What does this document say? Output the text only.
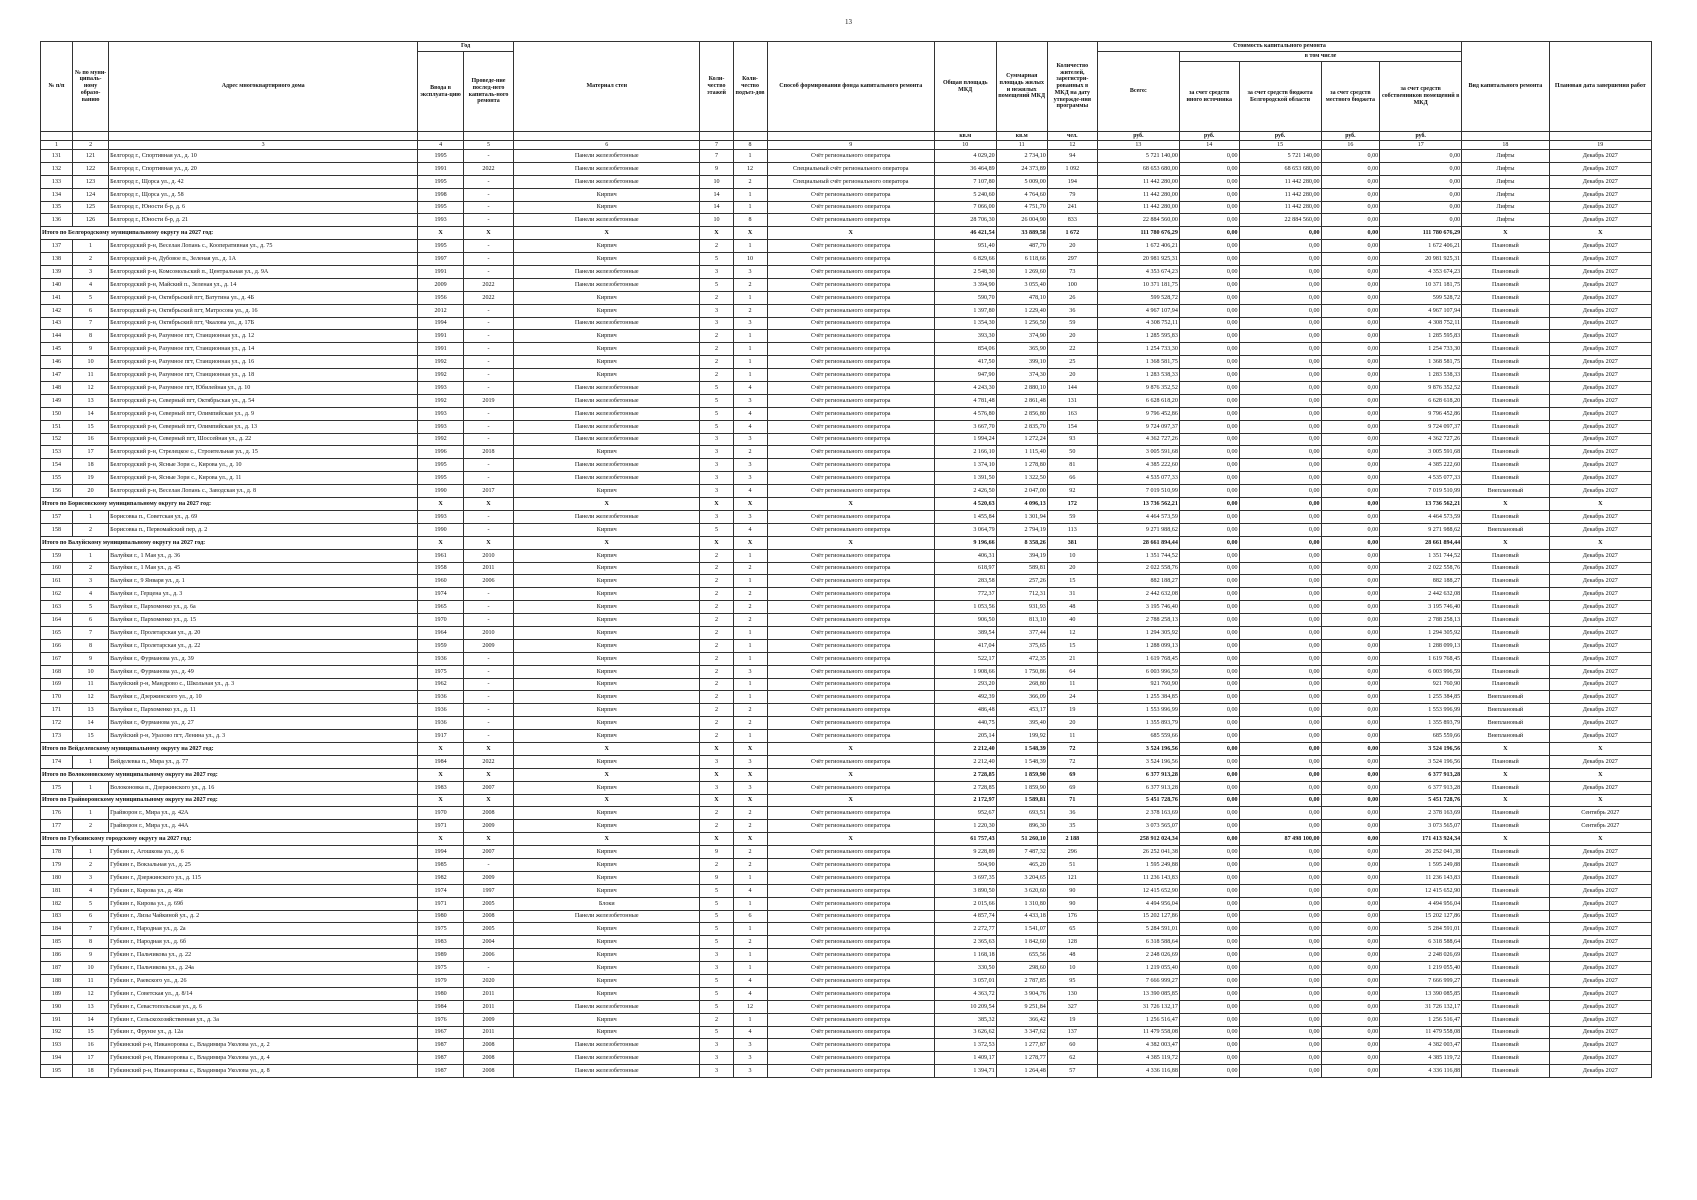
13
№ п/п	№ по муни-ципаль-ному образо-ванию	Адрес многоквартирного дома	Год		Материал стен	Коли-чество этажей	Коли-чество подъез-дов	Способ формирования фонда капитального ремонта	Общая площадь МКД	Суммарная площадь жилых и нежилых помещений МКД	Количество жителей, зарегистри-рованных в МКД на дату утвержде-ния программы	Стоимость капитального ремонта					Вид капитального ремонта	Плановая дата завершения работ
			Ввода в эксплуата-цию	Проведе-ние послед-него капиталь-ного ремонта								Всего:	в том числе					
													за счет средств иного источника	за счет средств бюджета Белгородской области	за счет средств местного бюджета	за счет средств собственников помещений в МКД		
									кв.м	кв.м	чел.	руб.	руб.	руб.	руб.	руб.		
1	2	3	4	5	6	7	8	9	10	11	12	13	14	15	16	17	18	19
131	121	Белгород г., Спортивная ул., д. 10	1995	-	Панели железобетонные	7	1	Счёт регионального оператора	4 029,20	2 734,10	94	5 721 140,00	0,00	5 721 140,00	0,00	0,00	Лифты	Декабрь 2027
132	122	Белгород г., Спортивная ул., д. 20	1991	2022	Панели железобетонные	9	12	Специальный счёт регионального оператора	36 464,89	24 373,89	1 092	68 653 680,00	0,00	68 653 680,00	0,00	0,00	Лифты	Декабрь 2027
133	123	Белгород г., Щорса ул., д. 42	1995	-	Панели железобетонные	10	2	Специальный счёт регионального оператора	7 107,80	5 009,00	194	11 442 280,00	0,00	11 442 280,00	0,00	0,00	Лифты	Декабрь 2027
134	124	Белгород г., Щорса ул., д. 58	1998	-	Кирпич	14	1	Счёт регионального оператора	5 240,60	4 764,60	79	11 442 280,00	0,00	11 442 280,00	0,00	0,00	Лифты	Декабрь 2027
135	125	Белгород г., Юности б-р, д. 6	1995	-	Кирпич	14	1	Счёт регионального оператора	7 066,00	4 751,70	241	11 442 280,00	0,00	11 442 280,00	0,00	0,00	Лифты	Декабрь 2027
136	126	Белгород г., Юности б-р, д. 21	1993	-	Панели железобетонные	10	8	Счёт регионального оператора	28 706,30	26 004,90	833	22 884 560,00	0,00	22 884 560,00	0,00	0,00	Лифты	Декабрь 2027
Итого по Белгородскому муниципальному округу на 2027 год:			X	X	X	X	X	X	46 421,54	33 889,58	1 672	111 780 676,29	0,00	0,00	0,00	111 780 676,29	X	X
137	1	Белгородский р-н, Веселая Лопань с., Кооперативная ул., д. 75	1995	-	Кирпич	2	1	Счёт регионального оператора	951,40	487,70	20	1 672 406,21	0,00	0,00	0,00	1 672 406,21	Плановый	Декабрь 2027
138	2	Белгородский р-н, Дубовое п., Зеленая ул., д. 1А	1997	-	Кирпич	5	10	Счёт регионального оператора	6 829,66	6 118,66	297	20 981 925,31	0,00	0,00	0,00	20 981 925,31	Плановый	Декабрь 2027
139	3	Белгородский р-н, Комсомольский п., Центральная ул., д. 9А	1991	-	Панели железобетонные	3	3	Счёт регионального оператора	2 548,30	1 269,60	73	4 353 674,23	0,00	0,00	0,00	4 353 674,23	Плановый	Декабрь 2027
140	4	Белгородский р-н, Майский п., Зеленая ул., д. 14	2009	2022	Панели железобетонные	5	2	Счёт регионального оператора	3 394,90	3 055,40	100	10 371 181,75	0,00	0,00	0,00	10 371 181,75	Плановый	Декабрь 2027
141	5	Белгородский р-н, Октябрьский пгт, Ватутина ул., д. 4Б	1956	2022	Кирпич	2	1	Счёт регионального оператора	590,70	478,10	26	599 528,72	0,00	0,00	0,00	599 528,72	Плановый	Декабрь 2027
142	6	Белгородский р-н, Октябрьский пгт, Матросова ул., д. 16	2012	-	Кирпич	3	2	Счёт регионального оператора	1 397,80	1 229,40	36	4 967 107,94	0,00	0,00	0,00	4 967 107,94	Плановый	Декабрь 2027
143	7	Белгородский р-н, Октябрьский пгт, Чкалова ул., д. 17Б	1994	-	Панели железобетонные	3	3	Счёт регионального оператора	1 354,30	1 256,50	59	4 308 752,11	0,00	0,00	0,00	4 308 752,11	Плановый	Декабрь 2027
144	8	Белгородский р-н, Разумное пгт, Станционная ул., д. 12	1991	-	Кирпич	2	1	Счёт регионального оператора	393,30	374,90	20	1 285 595,83	0,00	0,00	0,00	1 285 595,83	Плановый	Декабрь 2027
145	9	Белгородский р-н, Разумное пгт, Станционная ул., д. 14	1991	-	Кирпич	2	1	Счёт регионального оператора	854,06	365,90	22	1 254 733,30	0,00	0,00	0,00	1 254 733,30	Плановый	Декабрь 2027
146	10	Белгородский р-н, Разумное пгт, Станционная ул., д. 16	1992	-	Кирпич	2	1	Счёт регионального оператора	417,50	399,10	25	1 368 581,75	0,00	0,00	0,00	1 368 581,75	Плановый	Декабрь 2027
147	11	Белгородский р-н, Разумное пгт, Станционная ул., д. 18	1992	-	Кирпич	2	1	Счёт регионального оператора	947,90	374,30	20	1 283 538,33	0,00	0,00	0,00	1 283 538,33	Плановый	Декабрь 2027
148	12	Белгородский р-н, Разумное пгт, Юбилейная ул., д. 10	1993	-	Панели железобетонные	5	4	Счёт регионального оператора	4 243,30	2 880,10	144	9 876 352,52	0,00	0,00	0,00	9 876 352,52	Плановый	Декабрь 2027
149	13	Белгородский р-н, Северный пгт, Октябрьская ул., д. 54	1992	2019	Панели железобетонные	5	3	Счёт регионального оператора	4 781,48	2 861,48	131	6 628 618,20	0,00	0,00	0,00	6 628 618,20	Плановый	Декабрь 2027
150	14	Белгородский р-н, Северный пгт, Олимпийская ул., д. 9	1993	-	Панели железобетонные	5	4	Счёт регионального оператора	4 576,80	2 856,80	163	9 796 452,86	0,00	0,00	0,00	9 796 452,86	Плановый	Декабрь 2027
151	15	Белгородский р-н, Северный пгт, Олимпийская ул., д. 13	1993	-	Панели железобетонные	5	4	Счёт регионального оператора	3 667,70	2 835,70	154	9 724 097,37	0,00	0,00	0,00	9 724 097,37	Плановый	Декабрь 2027
152	16	Белгородский р-н, Северный пгт, Шоссейная ул., д. 22	1992	-	Панели железобетонные	3	3	Счёт регионального оператора	1 994,24	1 272,24	93	4 362 727,26	0,00	0,00	0,00	4 362 727,26	Плановый	Декабрь 2027
153	17	Белгородский р-н, Стрелецкое с., Строительная ул., д. 15	1996	2018	Кирпич	3	2	Счёт регионального оператора	2 166,10	1 115,40	50	3 005 591,68	0,00	0,00	0,00	3 005 591,68	Плановый	Декабрь 2027
154	18	Белгородский р-н, Ясные Зори с., Кирова ул., д. 10	1995	-	Панели железобетонные	3	3	Счёт регионального оператора	1 374,10	1 278,80	81	4 385 222,60	0,00	0,00	0,00	4 385 222,60	Плановый	Декабрь 2027
155	19	Белгородский р-н, Ясные Зори с., Кирова ул., д. 11	1995	-	Панели железобетонные	3	3	Счёт регионального оператора	1 391,50	1 322,50	66	4 535 077,33	0,00	0,00	0,00	4 535 077,33	Плановый	Декабрь 2027
156	20	Белгородский р-н, Веселая Лопань с., Заводская ул., д. 8	1990	2017	Кирпич	3	4	Счёт регионального оператора	2 426,50	2 047,00	92	7 019 510,99	0,00	0,00	0,00	7 019 510,99	Внеплановый	Декабрь 2027
Итого по Борисовскому муниципальному округу на 2027 год:			X	X	X	X	X	X	4 520,63	4 096,13	172	13 736 562,21	0,00	0,00	0,00	13 736 562,21	X	X
157	1	Борисовка п., Советская ул., д. 69	1993	-	Панели железобетонные	3	3	Счёт регионального оператора	1 455,84	1 301,94	59	4 464 573,59	0,00	0,00	0,00	4 464 573,59	Плановый	Декабрь 2027
158	2	Борисовка п., Первомайский пер, д. 2	1990	-	Кирпич	5	4	Счёт регионального оператора	3 064,79	2 794,19	113	9 271 988,62	0,00	0,00	0,00	9 271 988,62	Внеплановый	Декабрь 2027
Итого по Валуйскому муниципальному округу на 2027 год:			X	X	X	X	X	X	9 196,66	8 358,26	381	28 661 894,44	0,00	0,00	0,00	28 661 894,44	X	X
159	1	Валуйки г., 1 Мая ул., д. 36	1961	2010	Кирпич	2	1	Счёт регионального оператора	406,31	394,19	10	1 351 744,52	0,00	0,00	0,00	1 351 744,52	Плановый	Декабрь 2027
160	2	Валуйки г., 1 Мая ул., д. 45	1958	2011	Кирпич	2	2	Счёт регионального оператора	618,97	589,81	20	2 022 558,76	0,00	0,00	0,00	2 022 558,76	Плановый	Декабрь 2027
161	3	Валуйки г., 9 Января ул., д. 1	1960	2006	Кирпич	2	1	Счёт регионального оператора	283,58	257,26	15	882 188,27	0,00	0,00	0,00	882 188,27	Плановый	Декабрь 2027
162	4	Валуйки г., Герцена ул., д. 3	1974	-	Кирпич	2	2	Счёт регионального оператора	772,37	712,31	31	2 442 632,08	0,00	0,00	0,00	2 442 632,08	Плановый	Декабрь 2027
163	5	Валуйки г., Пархоменко ул., д. 6а	1965	-	Кирпич	2	2	Счёт регионального оператора	1 053,56	931,93	48	3 195 746,40	0,00	0,00	0,00	3 195 746,40	Плановый	Декабрь 2027
164	6	Валуйки г., Пархоменко ул., д. 15	1970	-	Кирпич	2	2	Счёт регионального оператора	906,50	813,10	40	2 788 258,13	0,00	0,00	0,00	2 788 258,13	Плановый	Декабрь 2027
165	7	Валуйки г., Пролетарская ул., д. 20	1964	2010	Кирпич	2	1	Счёт регионального оператора	389,54	377,44	12	1 294 305,92	0,00	0,00	0,00	1 294 305,92	Плановый	Декабрь 2027
166	8	Валуйки г., Пролетарская ул., д. 22	1959	2009	Кирпич	2	1	Счёт регионального оператора	417,04	375,65	15	1 288 099,13	0,00	0,00	0,00	1 288 099,13	Плановый	Декабрь 2027
167	9	Валуйки г., Фурманова ул., д. 39	1936	-	Кирпич	2	1	Счёт регионального оператора	522,17	472,35	21	1 619 768,45	0,00	0,00	0,00	1 619 768,45	Плановый	Декабрь 2027
168	10	Валуйки г., Фурманова ул., д. 49	1975	-	Кирпич	2	3	Счёт регионального оператора	1 908,66	1 750,86	64	6 003 996,59	0,00	0,00	0,00	6 003 996,59	Плановый	Декабрь 2027
169	11	Валуйский р-н, Мандрово с., Школьная ул., д. 3	1962	-	Кирпич	2	1	Счёт регионального оператора	293,20	268,80	11	921 760,90	0,00	0,00	0,00	921 760,90	Плановый	Декабрь 2027
170	12	Валуйки г., Дзержинского ул., д. 10	1936	-	Кирпич	2	1	Счёт регионального оператора	492,39	366,09	24	1 255 384,85	0,00	0,00	0,00	1 255 384,85	Внеплановый	Декабрь 2027
171	13	Валуйки г., Пархоменко ул., д. 11	1936	-	Кирпич	2	2	Счёт регионального оператора	486,48	453,17	19	1 553 996,99	0,00	0,00	0,00	1 553 996,99	Внеплановый	Декабрь 2027
172	14	Валуйки г., Фурманова ул., д. 27	1936	-	Кирпич	2	2	Счёт регионального оператора	440,75	395,40	20	1 355 893,79	0,00	0,00	0,00	1 355 893,79	Внеплановый	Декабрь 2027
173	15	Валуйский р-н, Уразово пгт, Ленина ул., д. 3	1917	-	Кирпич	2	1	Счёт регионального оператора	205,14	199,92	11	685 559,66	0,00	0,00	0,00	685 559,66	Внеплановый	Декабрь 2027
Итого по Вейделевскому муниципальному округу на 2027 год:			X	X	X	X	X	X	2 212,40	1 548,39	72	3 524 196,56	0,00	0,00	0,00	3 524 196,56	X	X
174	1	Вейделевка п., Мира ул., д. 77	1984	2022	Кирпич	3	3	Счёт регионального оператора	2 212,40	1 548,39	72	3 524 196,56	0,00	0,00	0,00	3 524 196,56	Плановый	Декабрь 2027
Итого по Волоконовскому муниципальному округу на 2027 год:			X	X	X	X	X	X	2 728,85	1 859,90	69	6 377 913,28	0,00	0,00	0,00	6 377 913,28	X	X
175	1	Волоконовка п., Дзержинского ул., д. 16	1983	2007	Кирпич	3	3	Счёт регионального оператора	2 728,85	1 859,90	69	6 377 913,28	0,00	0,00	0,00	6 377 913,28	Плановый	Декабрь 2027
Итого по Грайворонскому муниципальному округу на 2027 год:			X	X	X	X	X	X	2 172,97	1 589,81	71	5 451 728,76	0,00	0,00	0,00	5 451 728,76	X	X
176	1	Грайворон г., Мира ул., д. 42А	1970	2008	Кирпич	2	2	Счёт регионального оператора	952,67	693,51	36	2 378 163,69	0,00	0,00	0,00	2 378 163,69	Плановый	Сентябрь 2027
177	2	Грайворон г., Мира ул., д. 44А	1971	2009	Кирпич	2	2	Счёт регионального оператора	1 220,30	896,30	35	3 073 565,07	0,00	0,00	0,00	3 073 565,07	Плановый	Сентябрь 2027
Итого по Губкинскому городскому округу на 2027 год:			X	X	X	X	X	X	61 757,43	51 260,10	2 188	258 912 024,34	0,00	87 498 100,00	0,00	171 413 924,34	X	X
178	1	Губкин г., Агошкова ул., д. 6	1994	2007	Кирпич	9	2	Счёт регионального оператора	9 228,89	7 487,32	296	26 252 041,38	0,00	0,00	0,00	26 252 041,38	Плановый	Декабрь 2027
179	2	Губкин г., Вокзальная ул., д. 25	1985	-	Кирпич	2	2	Счёт регионального оператора	504,90	465,20	51	1 595 249,88	0,00	0,00	0,00	1 595 249,88	Плановый	Декабрь 2027
180	3	Губкин г., Дзержинского ул., д. 115	1982	2009	Кирпич	9	1	Счёт регионального оператора	3 697,35	3 204,65	121	11 236 143,83	0,00	0,00	0,00	11 236 143,83	Плановый	Декабрь 2027
181	4	Губкин г., Кирова ул., д. 46в	1974	1997	Кирпич	5	4	Счёт регионального оператора	3 890,50	3 620,60	90	12 415 652,90	0,00	0,00	0,00	12 415 652,90	Плановый	Декабрь 2027
182	5	Губкин г., Кирова ул., д. 69б	1971	2005	Блоки	5	1	Счёт регионального оператора	2 015,66	1 310,80	90	4 494 956,04	0,00	0,00	0,00	4 494 956,04	Плановый	Декабрь 2027
183	6	Губкин г., Лизы Чайкиной ул., д. 2	1980	2008	Панели железобетонные	5	6	Счёт регионального оператора	4 857,74	4 433,18	176	15 202 127,86	0,00	0,00	0,00	15 202 127,86	Плановый	Декабрь 2027
184	7	Губкин г., Народная ул., д. 2а	1975	2005	Кирпич	5	1	Счёт регионального оператора	2 272,77	1 541,07	65	5 284 591,01	0,00	0,00	0,00	5 284 591,01	Плановый	Декабрь 2027
185	8	Губкин г., Народная ул., д. 6б	1983	2004	Кирпич	5	2	Счёт регионального оператора	2 365,63	1 842,60	128	6 318 588,64	0,00	0,00	0,00	6 318 588,64	Плановый	Декабрь 2027
186	9	Губкин г., Пальчикова ул., д. 22	1989	2006	Кирпич	3	1	Счёт регионального оператора	1 168,18	655,56	48	2 248 026,69	0,00	0,00	0,00	2 248 026,69	Плановый	Декабрь 2027
187	10	Губкин г., Пальчикова ул., д. 24а	1975	-	Кирпич	3	1	Счёт регионального оператора	330,50	298,60	10	1 219 055,40	0,00	0,00	0,00	1 219 055,40	Плановый	Декабрь 2027
188	11	Губкин г., Раевского ул., д. 26	1979	2020	Кирпич	5	4	Счёт регионального оператора	3 057,01	2 787,85	95	7 666 999,27	0,00	0,00	0,00	7 666 999,27	Плановый	Декабрь 2027
189	12	Губкин г., Советская ул., д. 8/14	1980	2011	Кирпич	5	4	Счёт регионального оператора	4 363,72	3 904,76	130	13 390 085,85	0,00	0,00	0,00	13 390 085,85	Плановый	Декабрь 2027
190	13	Губкин г., Севастопольская ул., д. 6	1984	2011	Панели железобетонные	5	12	Счёт регионального оператора	10 209,54	9 251,84	327	31 726 132,17	0,00	0,00	0,00	31 726 132,17	Плановый	Декабрь 2027
191	14	Губкин г., Сельскохозяйственная ул., д. 3а	1976	2009	Кирпич	2	1	Счёт регионального оператора	385,32	366,42	19	1 256 516,47	0,00	0,00	0,00	1 256 516,47	Плановый	Декабрь 2027
192	15	Губкин г., Фрунзе ул., д. 12а	1967	2011	Кирпич	5	4	Счёт регионального оператора	3 626,62	3 347,62	137	11 479 558,08	0,00	0,00	0,00	11 479 558,08	Плановый	Декабрь 2027
193	16	Губкинский р-н, Никаноровка с., Владимира Уколова ул., д. 2	1987	2008	Панели железобетонные	3	3	Счёт регионального оператора	1 372,53	1 277,87	60	4 382 003,47	0,00	0,00	0,00	4 382 003,47	Плановый	Декабрь 2027
194	17	Губкинский р-н, Никаноровка с., Владимира Уколова ул., д. 4	1987	2008	Панели железобетонные	3	3	Счёт регионального оператора	1 409,17	1 278,77	62	4 385 119,72	0,00	0,00	0,00	4 385 119,72	Плановый	Декабрь 2027
195	18	Губкинский р-н, Никаноровка с., Владимира Уколова ул., д. 8	1987	2008	Панели железобетонные	3	3	Счёт регионального оператора	1 394,71	1 264,48	57	4 336 116,88	0,00	0,00	0,00	4 336 116,88	Плановый	Декабрь 2027
